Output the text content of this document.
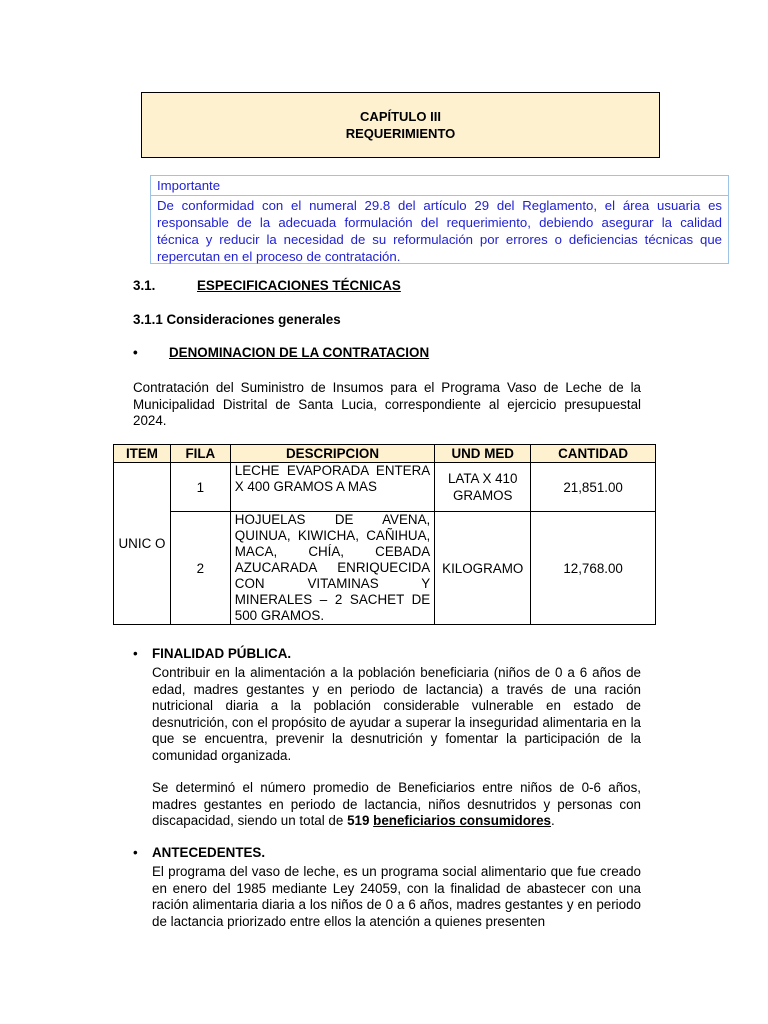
CAPÍTULO III
REQUERIMIENTO
Importante
De conformidad con el numeral 29.8 del artículo 29 del Reglamento, el área usuaria es responsable de la adecuada formulación del requerimiento, debiendo asegurar la calidad técnica y reducir la necesidad de su reformulación por errores o deficiencias técnicas que repercutan en el proceso de contratación.
3.1.	ESPECIFICACIONES TÉCNICAS
3.1.1 Consideraciones generales
• DENOMINACION DE LA CONTRATACION
Contratación del Suministro de Insumos para el Programa Vaso de Leche de la Municipalidad Distrital de Santa Lucia, correspondiente al ejercicio presupuestal 2024.
ITEM	FILA	DESCRIPCION	UND MED	CANTIDAD
UNIC O	1	LECHE EVAPORADA ENTERA X 400 GRAMOS A MAS	LATA X 410 GRAMOS	21,851.00
	2	HOJUELAS DE AVENA, QUINUA, KIWICHA, CAÑIHUA, MACA, CHÍA, CEBADA AZUCARADA ENRIQUECIDA CON VITAMINAS Y MINERALES – 2 SACHET DE 500 GRAMOS.	KILOGRAMO	12,768.00
• FINALIDAD PÚBLICA.
Contribuir en la alimentación a la población beneficiaria (niños de 0 a 6 años de edad, madres gestantes y en periodo de lactancia) a través de una ración nutricional diaria a la población considerable vulnerable en estado de desnutrición, con el propósito de ayudar a superar la inseguridad alimentaria en la que se encuentra, prevenir la desnutrición y fomentar la participación de la comunidad organizada.
Se determinó el número promedio de Beneficiarios entre niños de 0-6 años, madres gestantes en periodo de lactancia, niños desnutridos y personas con discapacidad, siendo un total de 519 beneficiarios consumidores.
• ANTECEDENTES.
El programa del vaso de leche, es un programa social alimentario que fue creado en enero del 1985 mediante Ley 24059, con la finalidad de abastecer con una ración alimentaria diaria a los niños de 0 a 6 años, madres gestantes y en periodo de lactancia priorizado entre ellos la atención a quienes presenten
